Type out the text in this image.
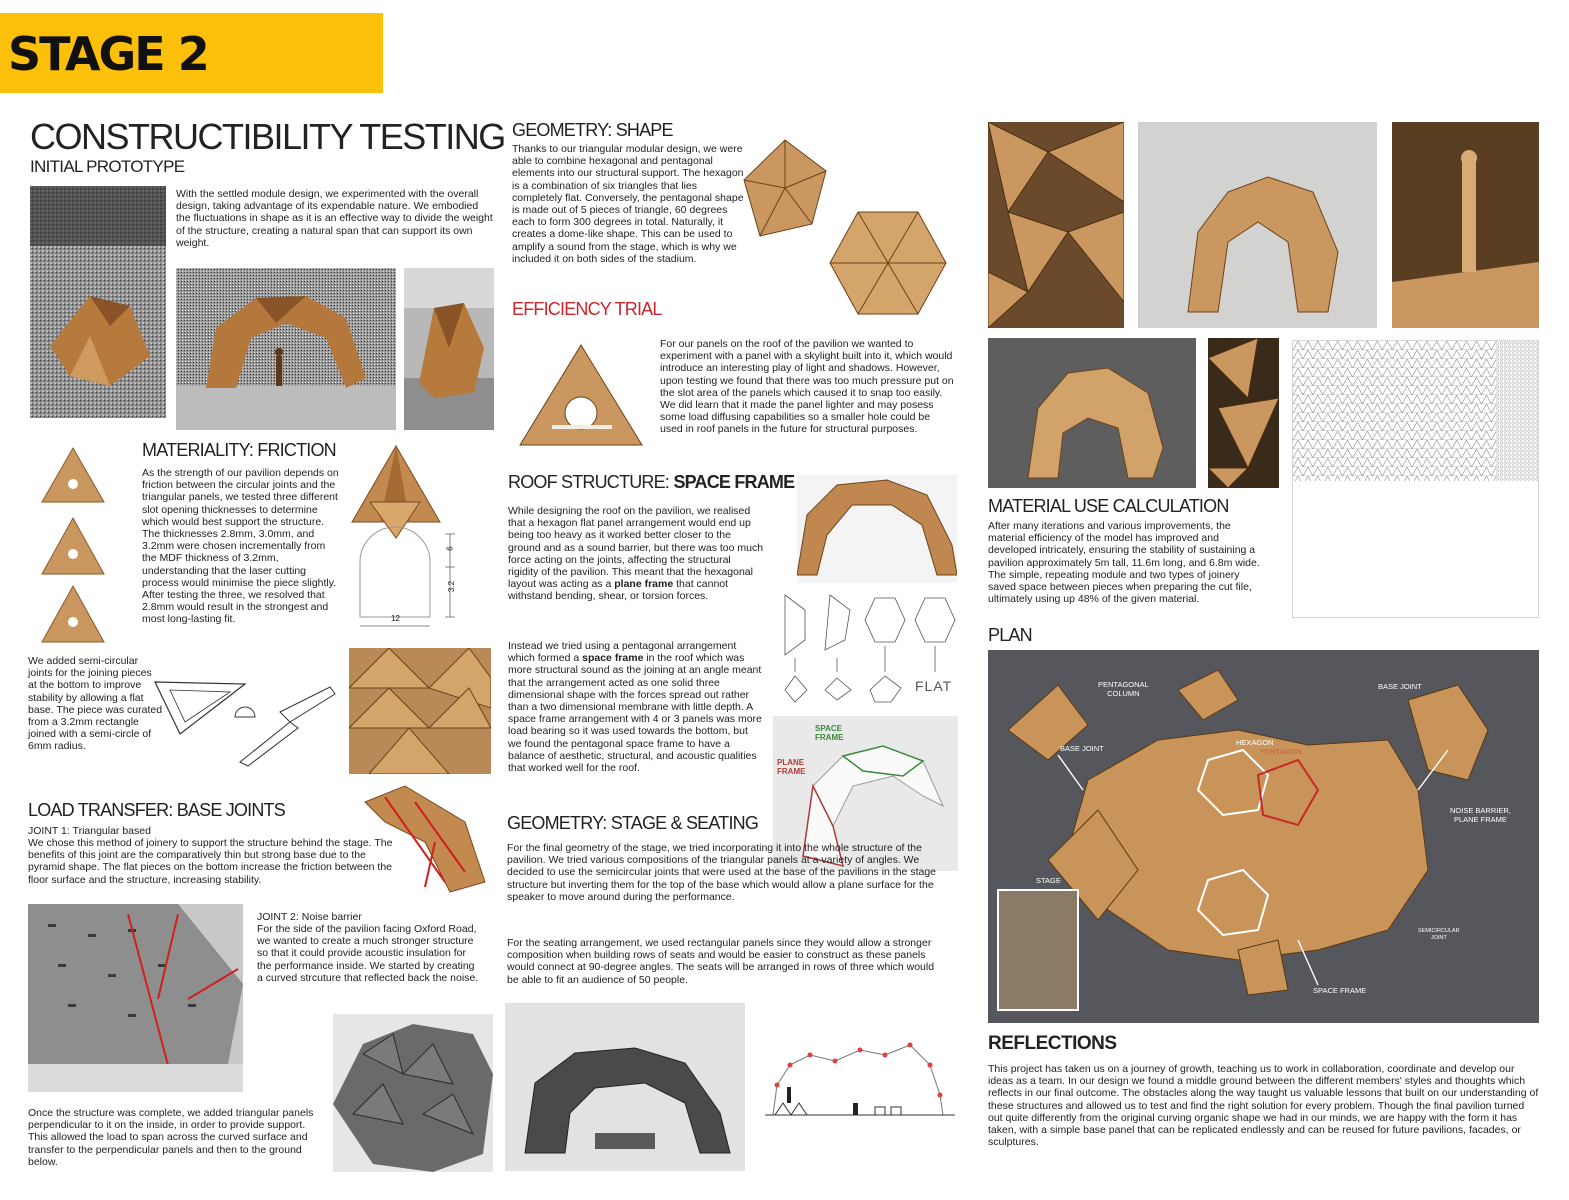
STAGE 2
CONSTRUCTIBILITY TESTING
INITIAL PROTOTYPE
With the settled module design, we experimented with the overall design, taking advantage of its expendable nature. We embodied the fluctuations in shape as it is an effective way to divide the weight of the structure, creating a natural span that can support its own weight.
MATERIALITY: FRICTION
As the strength of our pavilion depends on friction between the circular joints and the triangular panels, we tested three different slot opening thicknesses to determine which would best support the structure. The thicknesses 2.8mm, 3.0mm, and 3.2mm were chosen incrementally from the MDF thickness of 3.2mm, understanding that the laser cutting process would minimise the piece slightly. After testing the three, we resolved that 2.8mm would result in the strongest and most long-lasting fit.
6
3.2
12
We added semi-circular joints for the joining pieces at the bottom to improve stability by allowing a flat base. The piece was curated from a 3.2mm rectangle joined with a semi-circle of 6mm radius.
LOAD TRANSFER: BASE JOINTS
JOINT 1: Triangular based
We chose this method of joinery to support the structure behind the stage. The benefits of this joint are the comparatively thin but strong base due to the pyramid shape. The flat pieces on the bottom increase the friction between the floor surface and the structure, increasing stability.
JOINT 2: Noise barrier
For the side of the pavilion facing Oxford Road, we wanted to create a much stronger structure so that it could provide acoustic insulation for the performance inside. We started by creating a curved strcuture that reflected back the noise.
Once the structure was complete, we added triangular panels perpendicular to it on the inside, in order to provide support. This allowed the load to span across the curved surface and transfer to the perpendicular panels and then to the ground below.
GEOMETRY: SHAPE
Thanks to our triangular modular design, we were able to combine hexagonal and pentagonal elements into our structural support. The hexagon is a combination of six triangles that lies completely flat. Conversely, the pentagonal shape is made out of 5 pieces of triangle, 60 degrees each to form 300 degrees in total. Naturally, it creates a dome-like shape. This can be used to amplify a sound from the stage, which is why we included it on both sides of the stadium.
EFFICIENCY TRIAL
For our panels on the roof of the pavilion we wanted to experiment with a panel with a skylight built into it, which would introduce an interesting play of light and shadows. However, upon testing we found that there was too much pressure put on the slot area of the panels which caused it to snap too easily. We did learn that it made the panel lighter and may posess some load diffusing capabilities so a smaller hole could be used in roof panels in the future for structural purposes.
ROOF STRUCTURE: SPACE FRAME
While designing the roof on the pavilion, we realised that a hexagon flat panel arrangement would end up being too heavy as it worked better closer to the ground and as a sound barrier, but there was too much force acting on the joints, affecting the structural rigidity of the pavilion. This meant that the hexagonal layout was acting as a plane frame that cannot withstand bending, shear, or torsion forces.
Instead we tried using a pentagonal arrangement which formed a space frame in the roof which was more structural sound as the joining at an angle meant that the arrangement acted as one solid three dimensional shape with the forces spread out rather than a two dimensional membrane with little depth. A space frame arrangement with 4 or 3 panels was more load bearing so it was used towards the bottom, but we found the pentagonal space frame to have a balance of aesthetic, structural, and acoustic qualities that worked well for the roof.
FLAT
SPACE
FRAME
PLANE
FRAME
GEOMETRY: STAGE & SEATING
For the final geometry of the stage, we tried incorporating it into the whole structure of the pavilion. We tried various compositions of the triangular panels at a variety of angles. We decided to use the semicircular joints that were used at the base of the pavilions in the stage structure but inverting them for the top of the base which would allow a plane surface for the speaker to move around during the performance.
For the seating arrangement, we used rectangular panels since they would allow a stronger composition when building rows of seats and would be easier to construct as these panels would connect at 90-degree angles. The seats will be arranged in rows of three which would be able to fit an audience of 50 people.
MATERIAL USE CALCULATION
After many iterations and various improvements, the material efficiency of the model has improved and developed intricately, ensuring the stability of sustaining a pavilion approximately 5m tall, 11.6m long, and 6.8m wide. The simple, repeating module and two types of joinery saved space between pieces when preparing the cut file, ultimately using up 48% of the given material.
PLAN
PENTAGONAL
COLUMN
BASE JOINT
BASE JOINT
HEXAGON
PENTAGON
NOISE BARRIER,
PLANE FRAME
STAGE
SEMICIRCULAR
JOINT
SPACE FRAME
REFLECTIONS
This project has taken us on a journey of growth, teaching us to work in collaboration, coordinate and develop our ideas as a team. In our design we found a middle ground between the different members' styles and thoughts which reflects in our final outcome. The obstacles along the way taught us valuable lessons that built on our understanding of these structures and allowed us to test and find the right solution for every problem. Though the final pavilion turned out quite differently from the original curving organic shape we had in our minds, we are happy with the form it has taken, with a simple base panel that can be replicated endlessly and can be reused for future pavilions, facades, or sculptures.
